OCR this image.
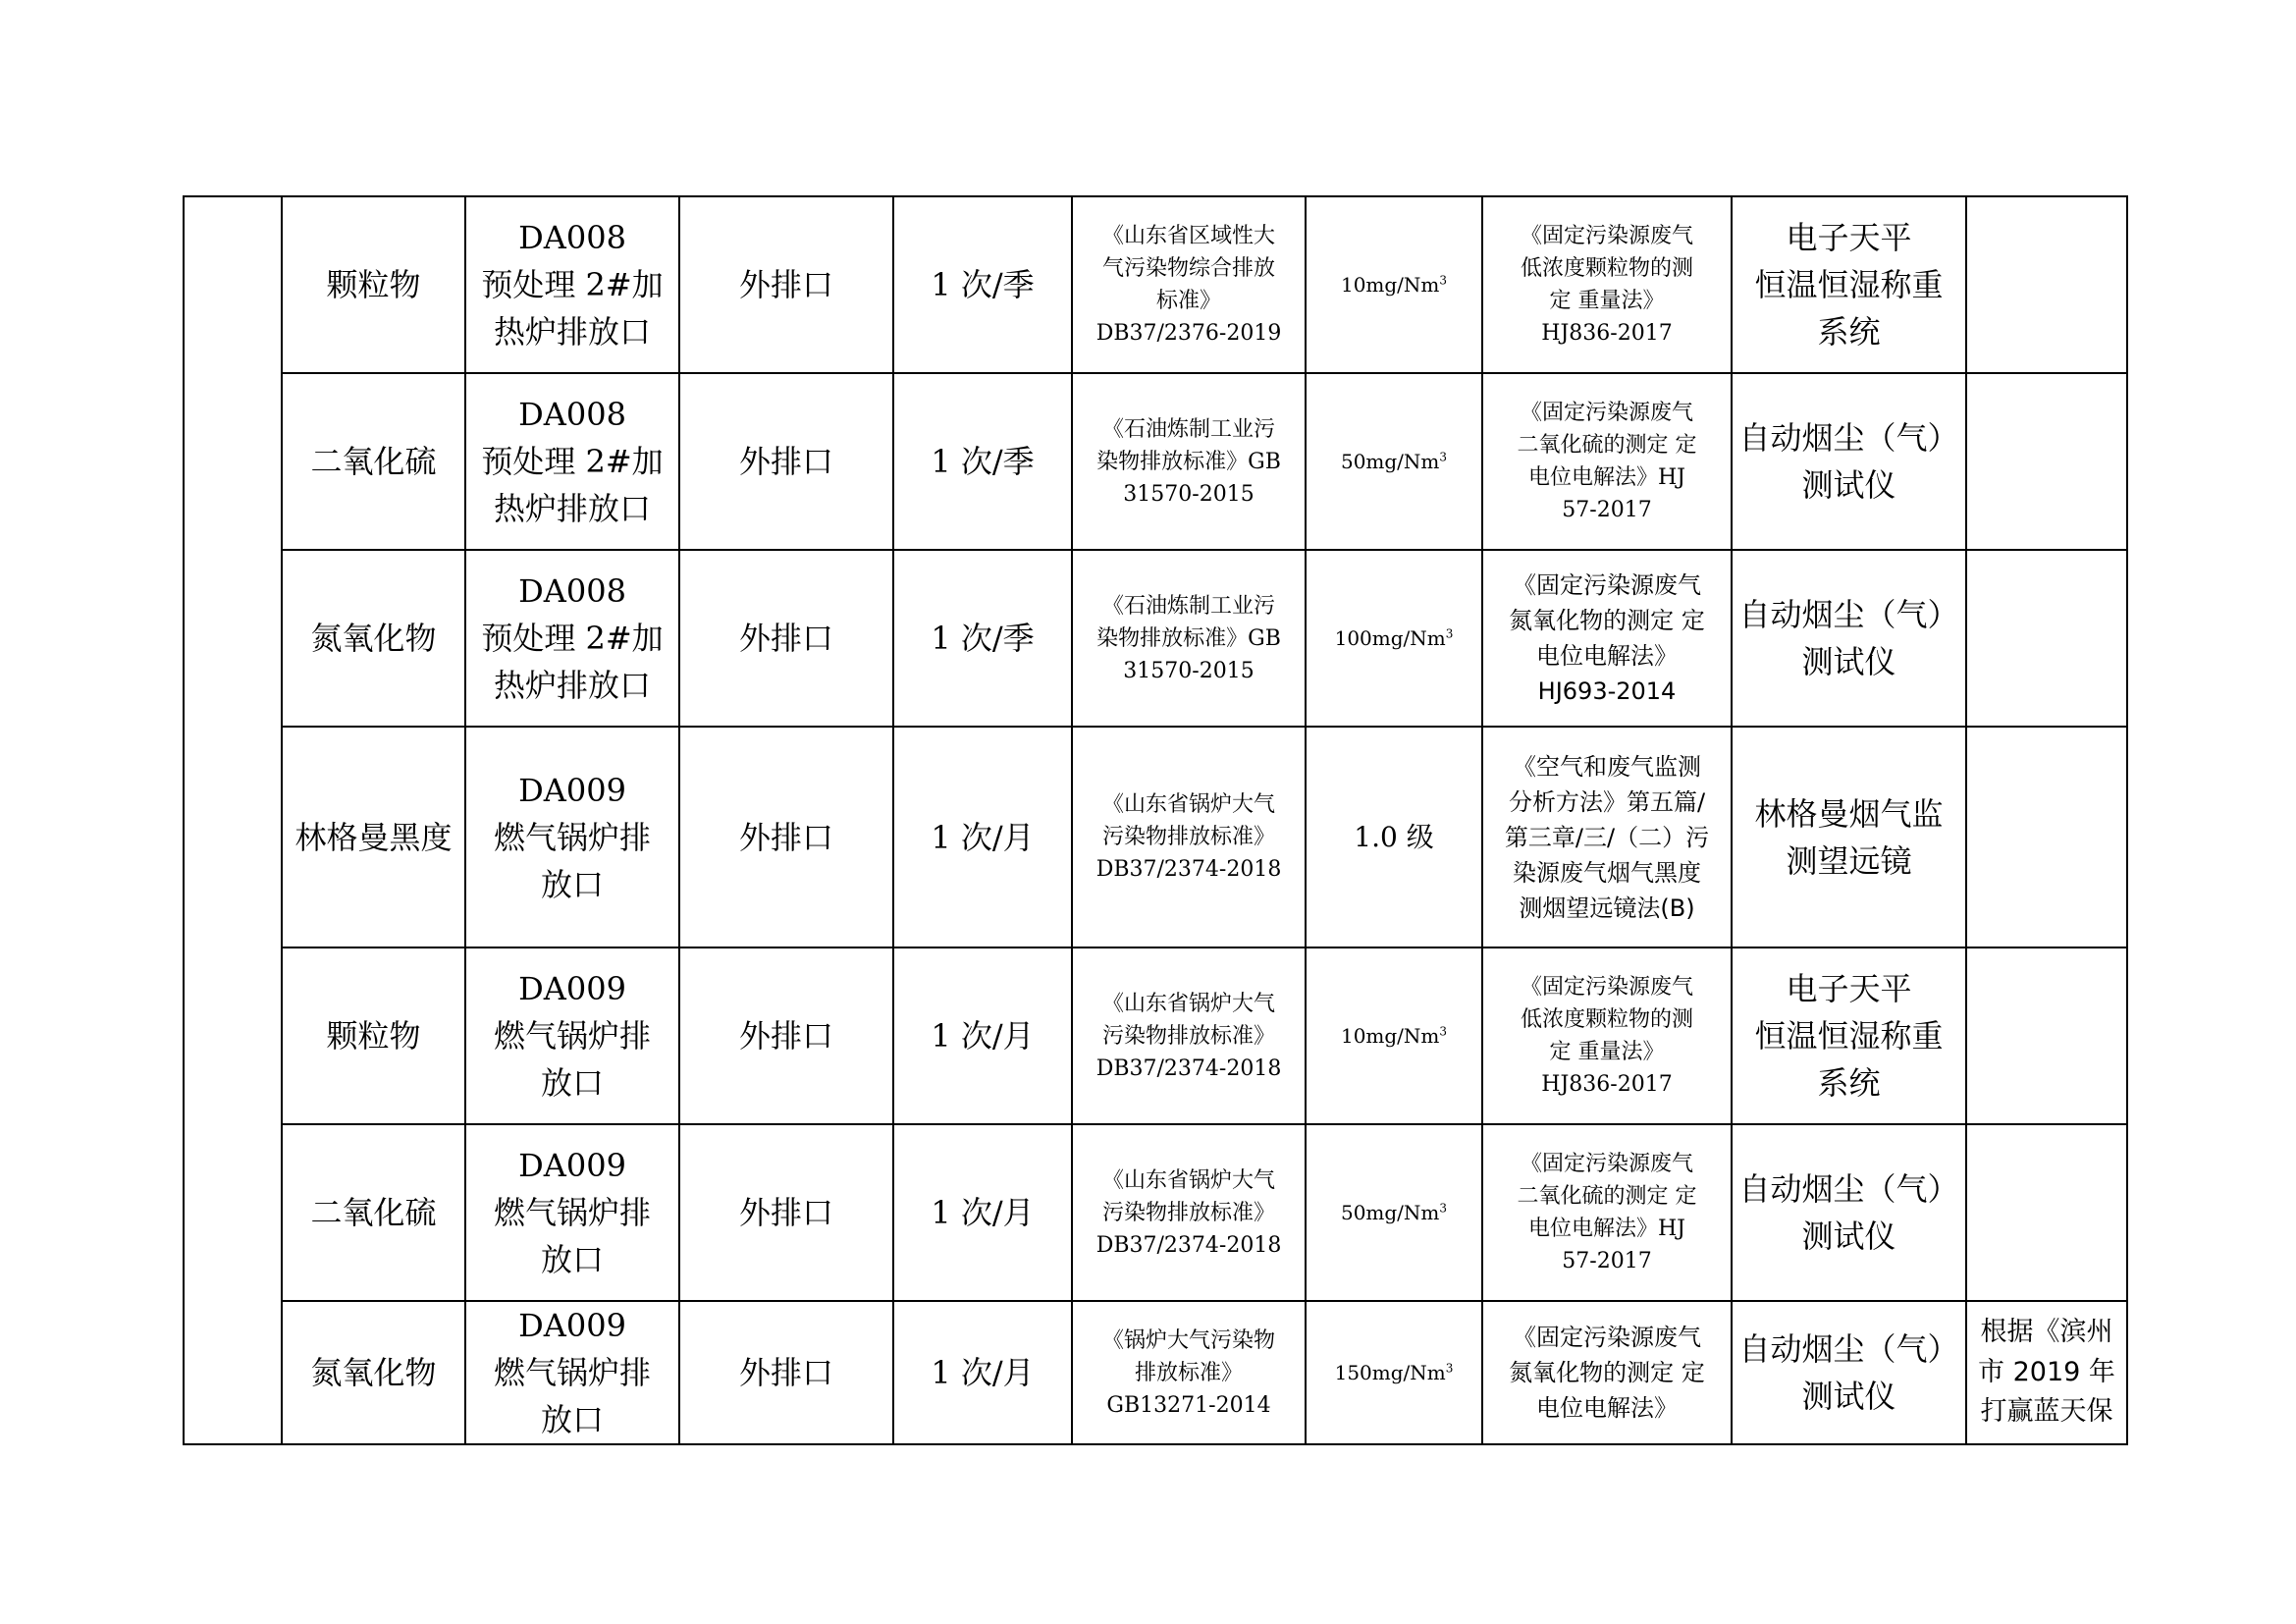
	颗粒物	DA008
预处理 2#加
热炉排放口	外排口	1 次/季	《山东省区域性大
气污染物综合排放
标准》
DB37/2376-2019	10mg/Nm$^3$	《固定污染源废气
低浓度颗粒物的测
定 重量法》
HJ836-2017	电子天平
恒温恒湿称重
系统	

	二氧化硫	DA008
预处理 2#加
热炉排放口	外排口	1 次/季	《石油炼制工业污
染物排放标准》GB
31570-2015	50mg/Nm$^3$	《固定污染源废气
二氧化硫的测定 定
电位电解法》HJ
57-2017	自动烟尘（气）
测试仪	

	氮氧化物	DA008
预处理 2#加
热炉排放口	外排口	1 次/季	《石油炼制工业污
染物排放标准》GB
31570-2015	100mg/Nm$^3$	《固定污染源废气
氮氧化物的测定 定
电位电解法》
HJ693-2014	自动烟尘（气）
测试仪	

	林格曼黑度	DA009
燃气锅炉排
放口	外排口	1 次/月	《山东省锅炉大气
污染物排放标准》
DB37/2374-2018	1.0 级	《空气和废气监测
分析方法》第五篇/
第三章/三/（二）污
染源废气烟气黑度
测烟望远镜法(B)	林格曼烟气监
测望远镜	

	颗粒物	DA009
燃气锅炉排
放口	外排口	1 次/月	《山东省锅炉大气
污染物排放标准》
DB37/2374-2018	10mg/Nm$^3$	《固定污染源废气
低浓度颗粒物的测
定 重量法》
HJ836-2017	电子天平
恒温恒湿称重
系统	

	二氧化硫	DA009
燃气锅炉排
放口	外排口	1 次/月	《山东省锅炉大气
污染物排放标准》
DB37/2374-2018	50mg/Nm$^3$	《固定污染源废气
二氧化硫的测定 定
电位电解法》HJ
57-2017	自动烟尘（气）
测试仪	

	氮氧化物	DA009
燃气锅炉排
放口	外排口	1 次/月	《锅炉大气污染物
排放标准》
GB13271-2014	150mg/Nm$^3$	《固定污染源废气
氮氧化物的测定 定
电位电解法》	自动烟尘（气）
测试仪	根据《滨州
市 2019 年
打赢蓝天保
